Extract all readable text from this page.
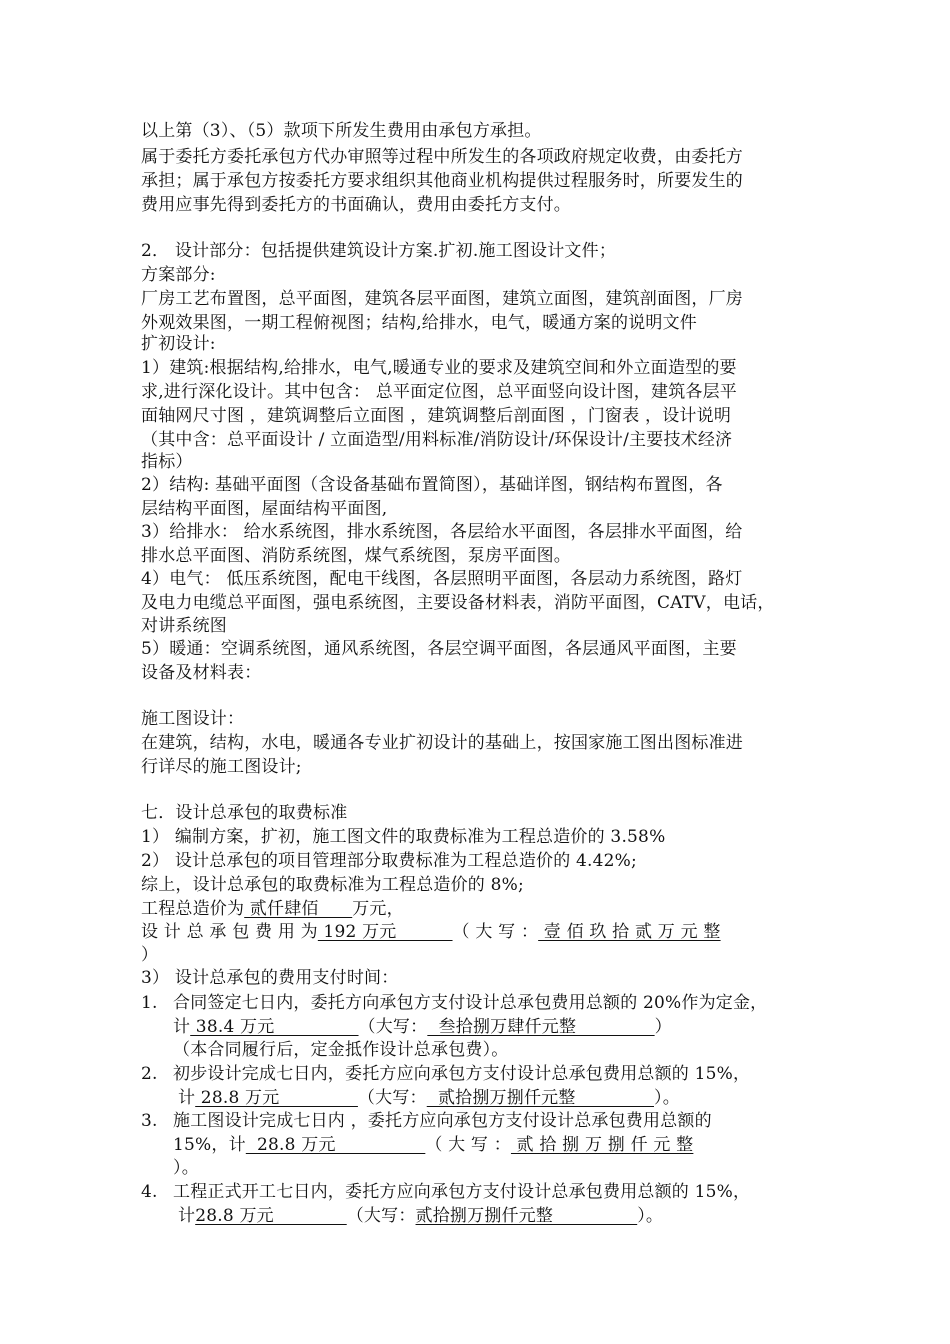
以上第（3）、（5）款项下所发生费用由承包方承担。
属于委托方委托承包方代办审照等过程中所发生的各项政府规定收费，由委托方
承担；属于承包方按委托方要求组织其他商业机构提供过程服务时，所要发生的
费用应事先得到委托方的书面确认，费用由委托方支付。
2． 设计部分：包括提供建筑设计方案.扩初.施工图设计文件；
方案部分:
厂房工艺布置图，总平面图，建筑各层平面图，建筑立面图，建筑剖面图，厂房
外观效果图，一期工程俯视图；结构,给排水，电气，暖通方案的说明文件
扩初设计:
1）建筑:根据结构,给排水，电气,暖通专业的要求及建筑空间和外立面造型的要
求,进行深化设计。其中包含： 总平面定位图，总平面竖向设计图，建筑各层平
面轴网尺寸图 ，建筑调整后立面图 ，建筑调整后剖面图 ，门窗表 ，设计说明
（其中含：总平面设计 / 立面造型/用料标准/消防设计/环保设计/主要技术经济
指标）
2）结构: 基础平面图（含设备基础布置简图），基础详图，钢结构布置图，各
层结构平面图，屋面结构平面图,
3）给排水： 给水系统图，排水系统图，各层给水平面图，各层排水平面图，给
排水总平面图、消防系统图，煤气系统图，泵房平面图。
4）电气： 低压系统图，配电干线图，各层照明平面图，各层动力系统图，路灯
及电力电缆总平面图，强电系统图，主要设备材料表，消防平面图，CATV，电话，
对讲系统图
5）暖通：空调系统图，通风系统图，各层空调平面图，各层通风平面图，主要
设备及材料表：
施工图设计：
在建筑，结构，水电，暖通各专业扩初设计的基础上，按国家施工图出图标准进
行详尽的施工图设计;
七．设计总承包的取费标准
1） 编制方案，扩初，施工图文件的取费标准为工程总造价的 3.58%
2） 设计总承包的项目管理部分取费标准为工程总造价的 4.42%;
综上，设计总承包的取费标准为工程总造价的 8%;
工程总造价为 贰仟肆佰      万元，
设 计 总 承 包 费 用 为 192 万元          （ 大 写 ： 壹 佰 玖 拾 贰 万 元 整
）
3） 设计总承包的费用支付时间：
1. 合同签定七日内，委托方向承包方支付设计总承包费用总额的 20%作为定金，
计 38.4 万元               （大写：  叁拾捌万肆仟元整              ）
（本合同履行后，定金抵作设计总承包费）。
2. 初步设计完成七日内，委托方应向承包方支付设计总承包费用总额的 15%，
计 28.8 万元              （大写：  贰拾捌万捌仟元整              ）。
3. 施工图设计完成七日内 ，委托方应向承包方支付设计总承包费用总额的
15%，计  28.8 万元                （ 大 写 ： 贰 拾 捌 万 捌 仟 元 整
）。
4. 工程正式开工七日内，委托方应向承包方支付设计总承包费用总额的 15%，
计28.8 万元             （大写：贰拾捌万捌仟元整               ）。
